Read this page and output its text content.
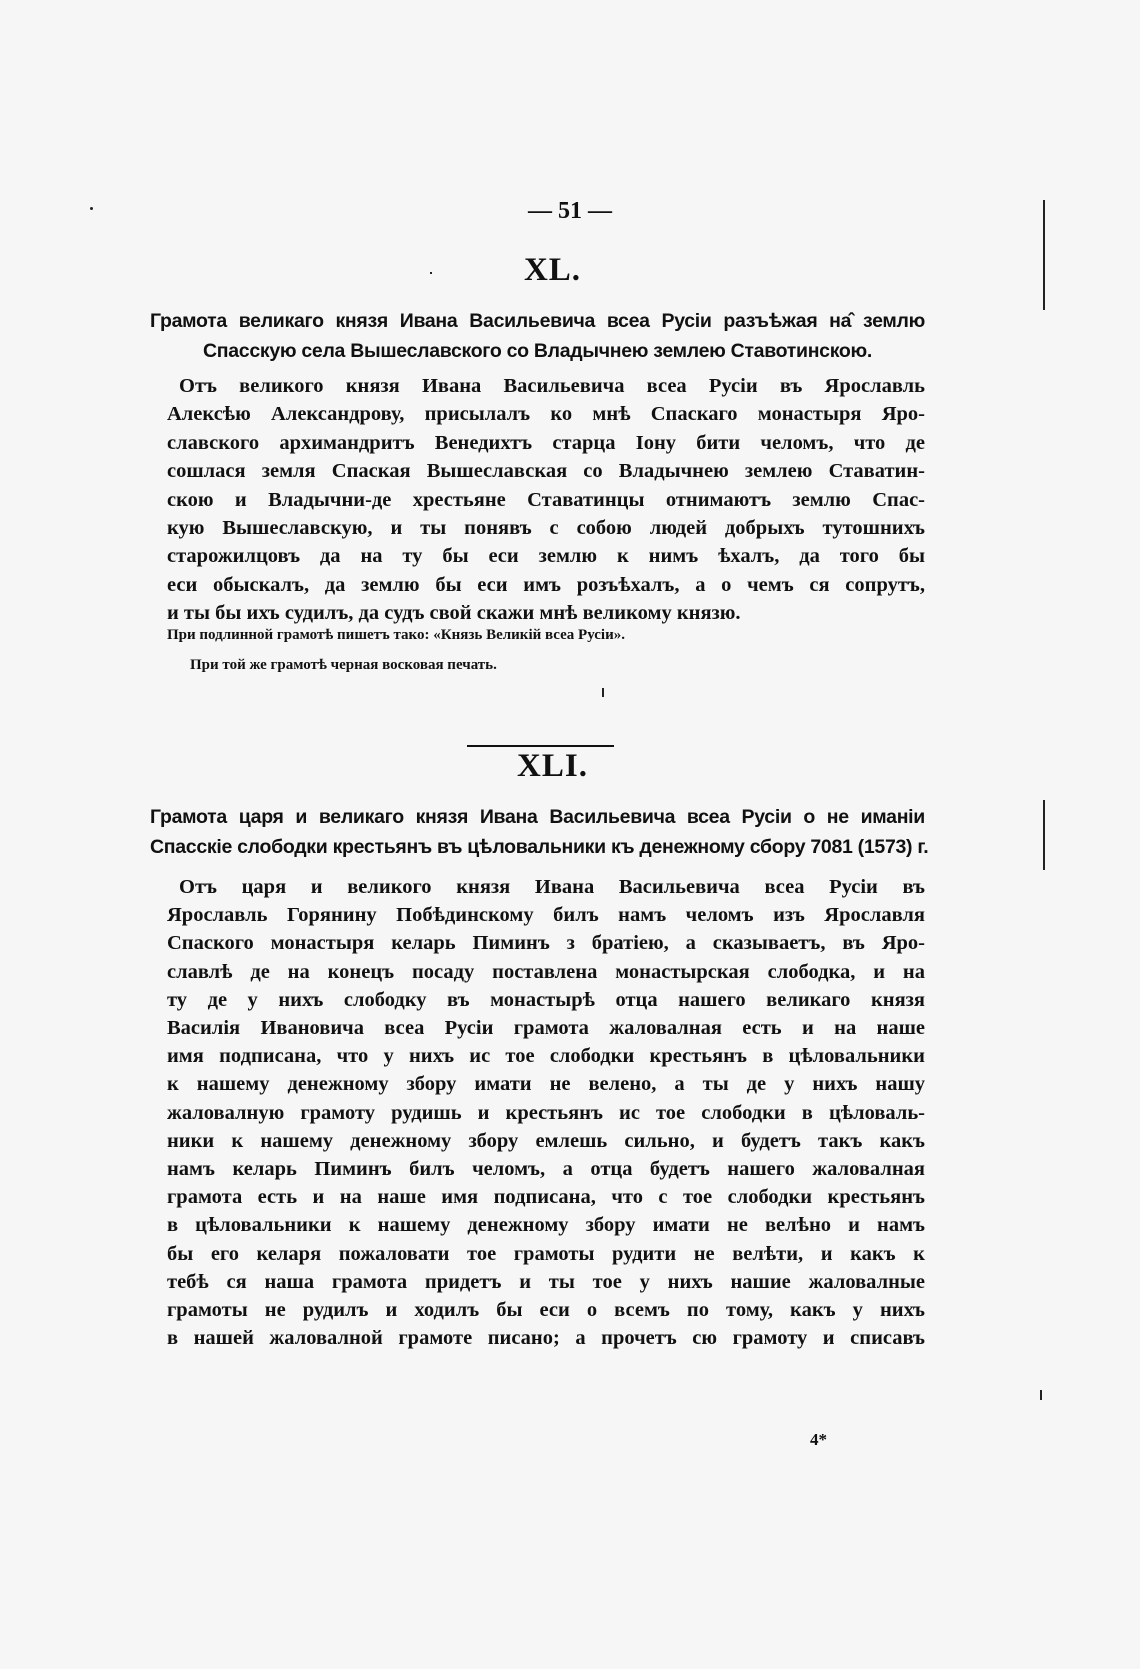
— 51 —
XL.
Грамота великаго князя Ивана Васильевича всеа Русіи разъѣжая на̂ землю
Спасскую села Вышеславского со Владычнею землею Ставотинскою.
Отъ великого князя Ивана Васильевича всеа Русіи въ Ярославль
Алексѣю Александрову, присылалъ ко мнѣ Спаскаго монастыря Яро-
славского архимандритъ Венедихтъ старца Іону бити челомъ, что де
сошлася земля Спаская Вышеславская со Владычнею землею Ставатин-
скою и Владычни-де хрестьяне Ставатинцы отнимаютъ землю Спас-
кую Вышеславскую, и ты понявъ с собою людей добрыхъ тутошнихъ
старожилцовъ да на ту бы еси землю к нимъ ѣхалъ, да того бы
еси обыскалъ, да землю бы еси имъ розъѣхалъ, а о чемъ ся сопрутъ,
и ты бы ихъ судилъ, да судъ свой скажи мнѣ великому князю.
При подлинной грамотѣ пишетъ тако: «Князь Великій всеа Русіи».
При той же грамотѣ черная восковая печать.
XLI.
Грамота царя и великаго князя Ивана Васильевича всеа Русіи о не иманіи
Спасскіе слободки крестьянъ въ цѣловальники къ денежному сбору 7081 (1573) г.
Отъ царя и великого князя Ивана Васильевича всеа Русіи въ
Ярославль Горянину Побѣдинскому билъ намъ челомъ изъ Ярославля
Спаского монастыря келарь Пиминъ з братіею, а сказываетъ, въ Яро-
славлѣ де на конецъ посаду поставлена монастырская слободка, и на
ту де у нихъ слободку въ монастырѣ отца нашего великаго князя
Василія Ивановича всеа Русіи грамота жаловалная есть и на наше
имя подписана, что у нихъ ис тое слободки крестьянъ в цѣловальники
к нашему денежному збору имати не велено, а ты де у нихъ нашу
жаловалную грамоту рудишь и крестьянъ ис тое слободки в цѣловаль-
ники к нашему денежному збору емлешь сильно, и будетъ такъ какъ
намъ келарь Пиминъ билъ челомъ, а отца будетъ нашего жаловалная
грамота есть и на наше имя подписана, что с тое слободки крестьянъ
в цѣловальники к нашему денежному збору имати не велѣно и намъ
бы его келаря пожаловати тое грамоты рудити не велѣти, и какъ к
тебѣ ся наша грамота придетъ и ты тое у нихъ нашие жаловалные
грамоты не рудилъ и ходилъ бы еси о всемъ по тому, какъ у нихъ
в нашей жаловалной грамоте писано; а прочетъ сю грамоту и списавъ
4*
